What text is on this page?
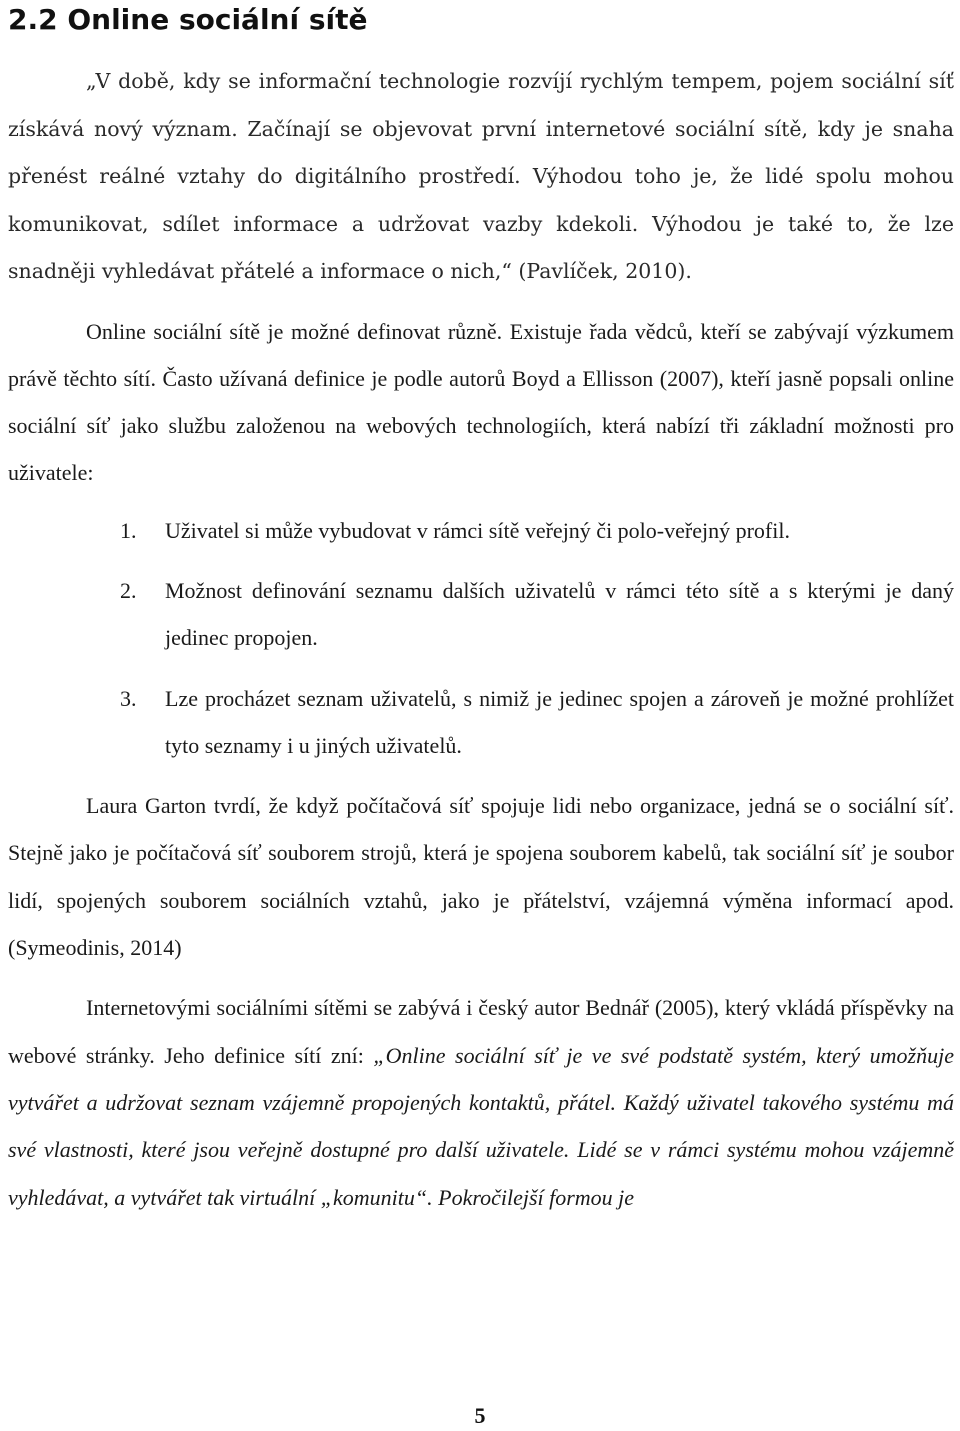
2.2 Online sociální sítě

„V době, kdy se informační technologie rozvíjí rychlým tempem, pojem sociální síť získává nový význam. Začínají se objevovat první internetové sociální sítě, kdy je snaha přenést reálné vztahy do digitálního prostředí. Výhodou toho je, že lidé spolu mohou komunikovat, sdílet informace a udržovat vazby kdekoli. Výhodou je také to, že lze snadněji vyhledávat přátelé a informace o nich,“ (Pavlíček, 2010).

Online sociální sítě je možné definovat různě. Existuje řada vědců, kteří se zabývají výzkumem právě těchto sítí. Často užívaná definice je podle autorů Boyd a Ellisson (2007), kteří jasně popsali online sociální síť jako službu založenou na webových technologiích, která nabízí tři základní možnosti pro uživatele:

1. Uživatel si může vybudovat v rámci sítě veřejný či polo-veřejný profil.
2. Možnost definování seznamu dalších uživatelů v rámci této sítě a s kterými je daný jedinec propojen.
3. Lze procházet seznam uživatelů, s nimiž je jedinec spojen a zároveň je možné prohlížet tyto seznamy i u jiných uživatelů.

Laura Garton tvrdí, že když počítačová síť spojuje lidi nebo organizace, jedná se o sociální síť. Stejně jako je počítačová síť souborem strojů, která je spojena souborem kabelů, tak sociální síť je soubor lidí, spojených souborem sociálních vztahů, jako je přátelství, vzájemná výměna informací apod. (Symeodinis, 2014)

Internetovými sociálními sítěmi se zabývá i český autor Bednář (2005), který vkládá příspěvky na webové stránky. Jeho definice sítí zní: „Online sociální síť je ve své podstatě systém, který umožňuje vytvářet a udržovat seznam vzájemně propojených kontaktů, přátel. Každý uživatel takového systému má své vlastnosti, které jsou veřejně dostupné pro další uživatele. Lidé se v rámci systému mohou vzájemně vyhledávat, a vytvářet tak virtuální „komunitu“. Pokročilejší formou je

5
